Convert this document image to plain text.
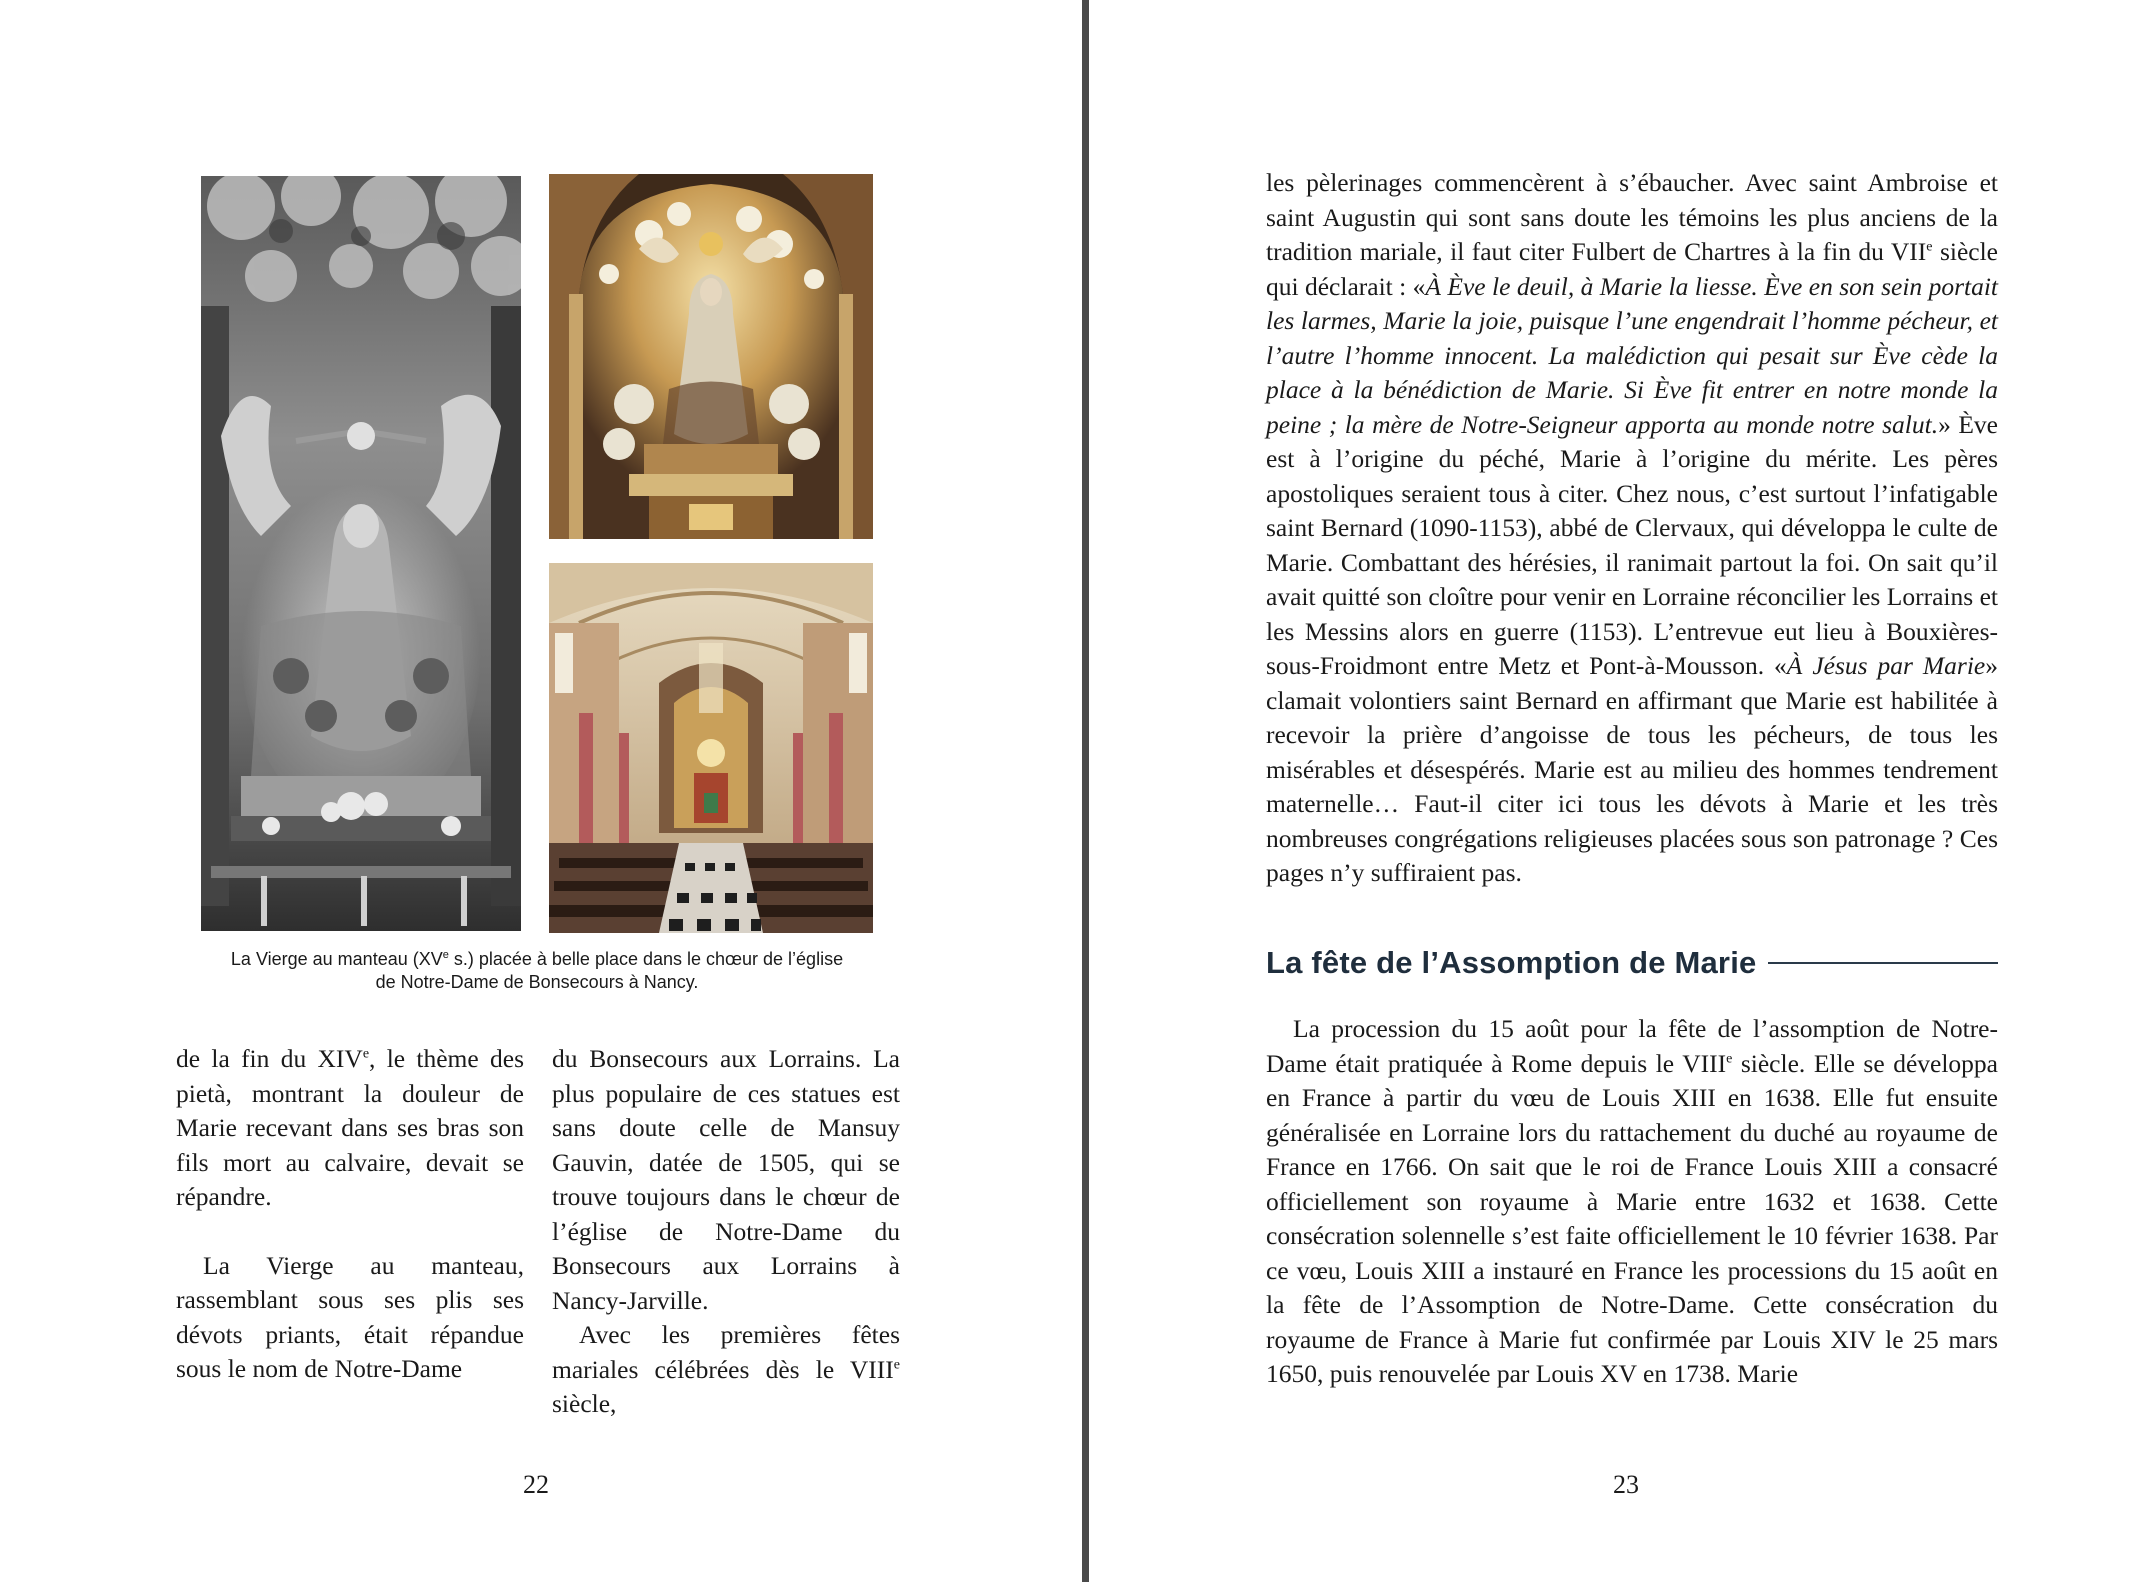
La Vierge au manteau (XVe s.) placée à belle place dans le chœur de l’église
de Notre-Dame de Bonsecours à Nancy.

de la fin du XIVe, le thème des pietà, montrant la douleur de Marie recevant dans ses bras son fils mort au calvaire, devait se répandre.

La Vierge au manteau, rassemblant sous ses plis ses dévots priants, était répandue sous le nom de Notre-Dame

du Bonsecours aux Lorrains. La plus populaire de ces statues est sans doute celle de Mansuy Gauvin, datée de 1505, qui se trouve toujours dans le chœur de l’église de Notre-Dame du Bonsecours aux Lorrains à Nancy-Jarville.

Avec les premières fêtes mariales célébrées dès le VIIIe siècle,

22

les pèlerinages commencèrent à s’ébaucher. Avec saint Ambroise et saint Augustin qui sont sans doute les témoins les plus anciens de la tradition mariale, il faut citer Fulbert de Chartres à la fin du VIIe siècle qui déclarait : «À Ève le deuil, à Marie la liesse. Ève en son sein portait les larmes, Marie la joie, puisque l’une engendrait l’homme pécheur, et l’autre l’homme innocent. La malédiction qui pesait sur Ève cède la place à la bénédiction de Marie. Si Ève fit entrer en notre monde la peine ; la mère de Notre-Seigneur apporta au monde notre salut.» Ève est à l’origine du péché, Marie à l’origine du mérite. Les pères apostoliques seraient tous à citer. Chez nous, c’est surtout l’infatigable saint Bernard (1090-1153), abbé de Clervaux, qui développa le culte de Marie. Combattant des hérésies, il ranimait partout la foi. On sait qu’il avait quitté son cloître pour venir en Lorraine réconcilier les Lorrains et les Messins alors en guerre (1153). L’entrevue eut lieu à Bouxières-sous-Froidmont entre Metz et Pont-à-Mousson. «À Jésus par Marie» clamait volontiers saint Bernard en affirmant que Marie est habilitée à recevoir la prière d’angoisse de tous les pécheurs, de tous les misérables et désespérés. Marie est au milieu des hommes tendrement maternelle… Faut-il citer ici tous les dévots à Marie et les très nombreuses congrégations religieuses placées sous son patronage ? Ces pages n’y suffiraient pas.

La fête de l’Assomption de Marie

La procession du 15 août pour la fête de l’assomption de Notre-Dame était pratiquée à Rome depuis le VIIIe siècle. Elle se développa en France à partir du vœu de Louis XIII en 1638. Elle fut ensuite généralisée en Lorraine lors du rattachement du duché au royaume de France en 1766. On sait que le roi de France Louis XIII a consacré officiellement son royaume à Marie entre 1632 et 1638. Cette consécration solennelle s’est faite officiellement le 10 février 1638. Par ce vœu, Louis XIII a instauré en France les processions du 15 août en la fête de l’Assomption de Notre-Dame. Cette consécration du royaume de France à Marie fut confirmée par Louis XIV le 25 mars 1650, puis renouvelée par Louis XV en 1738. Marie

23
